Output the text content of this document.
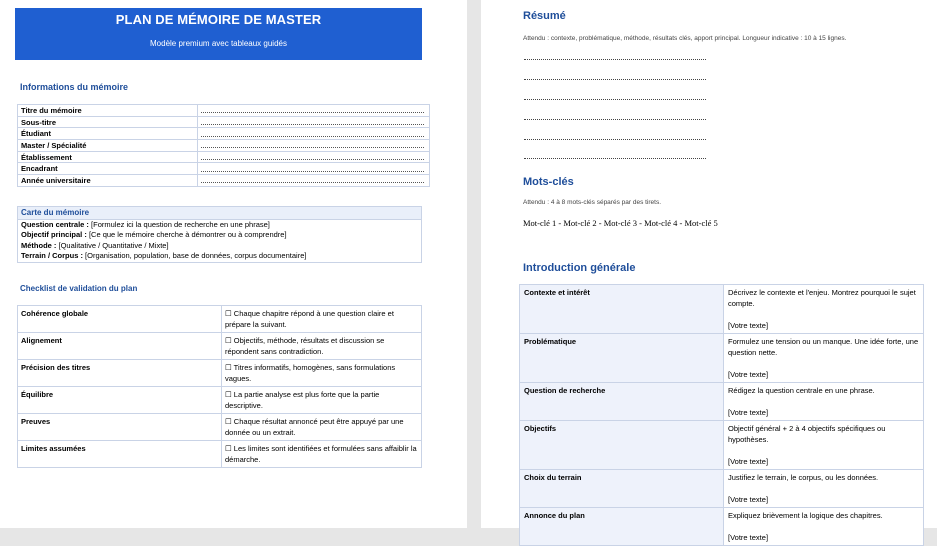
PLAN DE MÉMOIRE DE MASTER
Modèle premium avec tableaux guidés
Informations du mémoire
Titre du mémoire	

Sous-titre	

Étudiant	

Master / Spécialité	

Établissement	

Encadrant	

Année universitaire	
Carte du mémoire
Question centrale : [Formulez ici la question de recherche en une phrase]
Objectif principal : [Ce que le mémoire cherche à démontrer ou à comprendre]
Méthode : [Qualitative / Quantitative / Mixte]
Terrain / Corpus : [Organisation, population, base de données, corpus documentaire]
Checklist de validation du plan
Cohérence globale	☐ Chaque chapitre répond à une question claire et prépare la suivant.
Alignement	☐ Objectifs, méthode, résultats et discussion se répondent sans contradiction.
Précision des titres	☐ Titres informatifs, homogènes, sans formulations vagues.
Équilibre	☐ La partie analyse est plus forte que la partie descriptive.
Preuves	☐ Chaque résultat annoncé peut être appuyé par une donnée ou un extrait.
Limites assumées	☐ Les limites sont identifiées et formulées sans affaiblir la démarche.
Résumé
Attendu : contexte, problématique, méthode, résultats clés, apport principal. Longueur indicative : 10 à 15 lignes.
Mots-clés
Attendu : 4 à 8 mots-clés séparés par des tirets.
Mot-clé 1 - Mot-clé 2 - Mot-clé 3 - Mot-clé 4 - Mot-clé 5
Introduction générale
Contexte et intérêt	Décrivez le contexte et l'enjeu. Montrez pourquoi le sujet compte.
[Votre texte]

Problématique	Formulez une tension ou un manque. Une idée forte, une question nette.
[Votre texte]

Question de recherche	Rédigez la question centrale en une phrase.
[Votre texte]

Objectifs	Objectif général + 2 à 4 objectifs spécifiques ou hypothèses.
[Votre texte]

Choix du terrain	Justifiez le terrain, le corpus, ou les données.
[Votre texte]

Annonce du plan	Expliquez brièvement la logique des chapitres.
[Votre texte]
